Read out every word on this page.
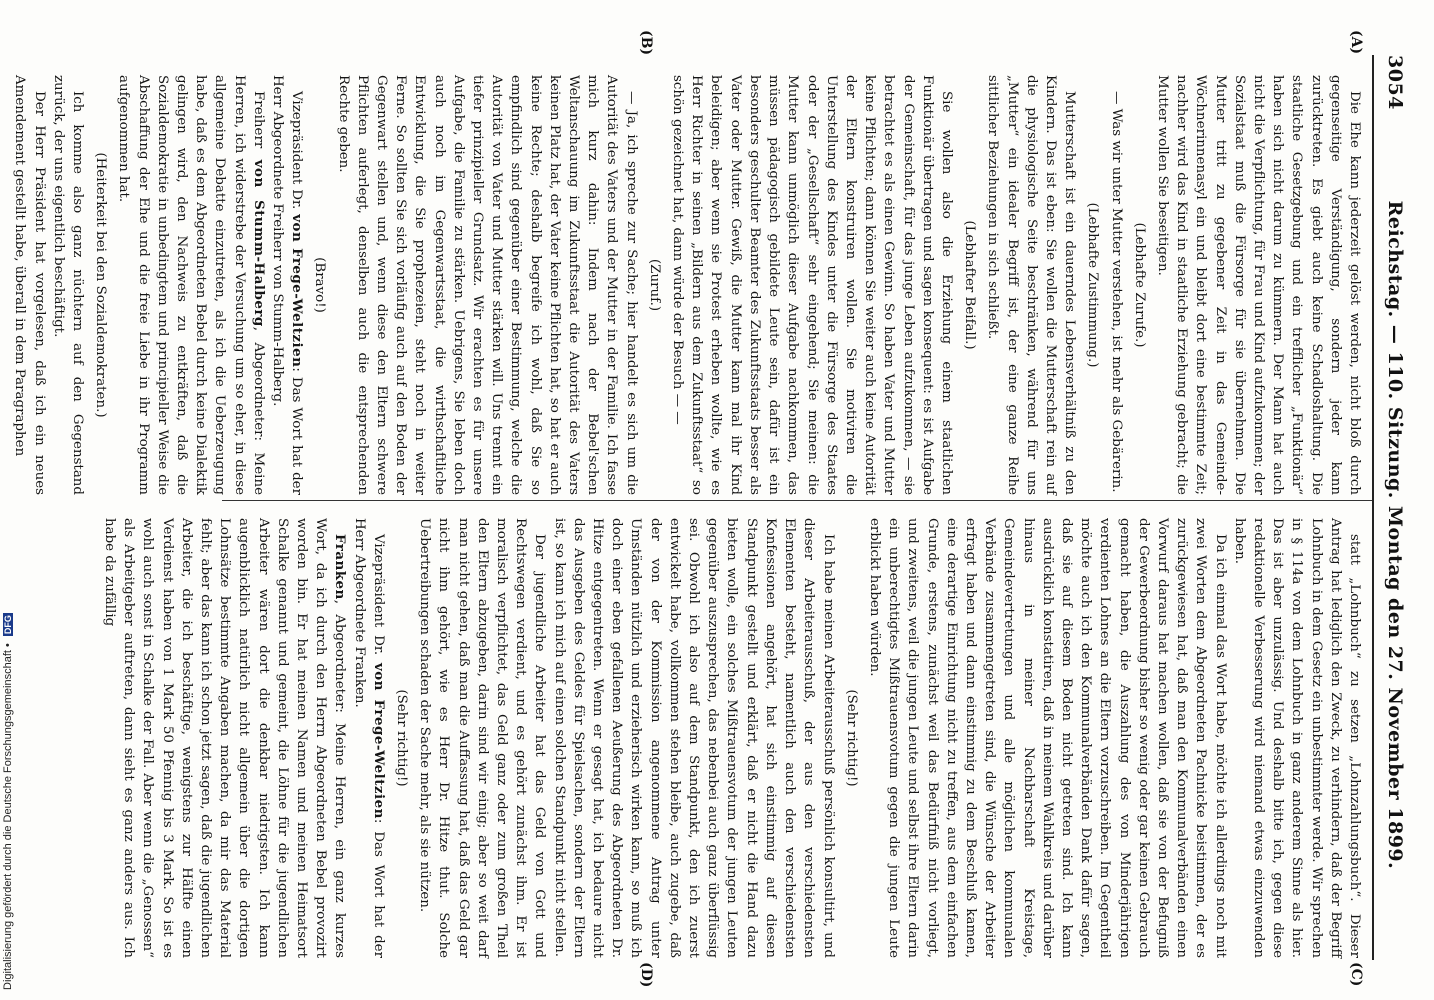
3054
Reichstag. — 110. Sitzung. Montag den 27. November 1899.
(A)
(B)
(C)
(D)

Die Ehe kann jederzeit gelöst werden, nicht bloß durch gegenseitige Verständigung, sondern jeder kann zurücktreten. Es giebt auch keine Schadloshaltung. Die staatliche Gesetzgebung und ein trefflicher „Funktionär“ haben sich nicht darum zu kümmern. Der Mann hat auch nicht die Verpflichtung, für Frau und Kind aufzukommen; der Sozialstaat muß die Fürsorge für sie übernehmen. Die Mutter tritt zu gegebener Zeit in das Gemeinde-Wöchnerinnenasyl ein und bleibt dort eine bestimmte Zeit; nachher wird das Kind in staatliche Erziehung gebracht; die Mutter wollen Sie beseitigen.

(Lebhafte Zurufe.)

— Was wir unter Mutter verstehen, ist mehr als Gebärerin.

(Lebhafte Zustimmung.)

Mutterschaft ist ein dauerndes Lebensverhältniß zu den Kindern. Das ist eben: Sie wollen die Mutterschaft rein auf die physiologische Seite beschränken, während für uns „Mutter“ ein idealer Begriff ist, der eine ganze Reihe sittlicher Beziehungen in sich schließt.

(Lebhafter Beifall.)

Sie wollen also die Erziehung einem staatlichen Funktionär übertragen und sagen konsequent: es ist Aufgabe der Gemeinschaft, für das junge Leben aufzukommen, — sie betrachtet es als einen Gewinn. So haben Vater und Mutter keine Pflichten; dann können Sie weiter auch keine Autorität der Eltern konstruiren wollen. Sie motiviren die Unterstellung des Kindes unter die Fürsorge des Staates oder der „Gesellschaft“ sehr eingehend; Sie meinen: die Mutter kann unmöglich dieser Aufgabe nachkommen, das müssen pädagogisch gebildete Leute sein, dafür ist ein besonders geschulter Beamter des Zukunftsstaats besser als Vater oder Mutter. Gewiß, die Mutter kann mal ihr Kind beleidigen; aber wenn sie Protest erheben wollte, wie es Herr Richter in seinen „Bildern aus dem Zukunftsstaat“ so schön gezeichnet hat, dann würde der Besuch — —

(Zuruf.)

— Ja, ich spreche zur Sache; hier handelt es sich um die Autorität des Vaters und der Mutter in der Familie. Ich fasse mich kurz dahin: Indem nach der Bebel'schen Weltanschauung im Zukunftsstaat die Autorität des Vaters keinen Platz hat, der Vater keine Pflichten hat, so hat er auch keine Rechte; deshalb begreife ich wohl, daß Sie so empfindlich sind gegenüber einer Bestimmung, welche die Autorität von Vater und Mutter stärken will. Uns trennt ein tiefer prinzipieller Grundsatz. Wir erachten es für unsere Aufgabe, die Familie zu stärken. Uebrigens, Sie leben doch auch noch im Gegenwartsstaat, die wirthschaftliche Entwicklung, die Sie prophezeien, steht noch in weiter Ferne. So sollten Sie sich vorläufig auch auf den Boden der Gegenwart stellen und, wenn diese den Eltern schwere Pflichten auferlegt, denselben auch die entsprechenden Rechte geben.

(Bravo!)

Vizepräsident Dr. von Frege-Weltzien: Das Wort hat der Herr Abgeordnete Freiherr von Stumm-Halberg.

Freiherr von Stumm-Halberg, Abgeordneter: Meine Herren, ich widerstrebe der Versuchung um so eher, in diese allgemeine Debatte einzutreten, als ich die Ueberzeugung habe, daß es dem Abgeordneten Bebel durch keine Dialektik gelingen wird, den Nachweis zu entkräften, daß die Sozialdemokratie in unbedingtem und principieller Weise die Abschaffung der Ehe und die freie Liebe in ihr Programm aufgenommen hat.

(Heiterkeit bei den Sozialdemokraten.)

Ich komme also ganz nüchtern auf den Gegenstand zurück, der uns eigentlich beschäftigt.

Der Herr Präsident hat vorgelesen, daß ich ein neues Amendement gestellt habe, überall in dem Paragraphen

statt „Lohnbuch“ zu setzen „Lohnzahlungsbuch“. Dieser Antrag hat lediglich den Zweck, zu verhindern, daß der Begriff Lohnbuch in dem Gesetz ein unbestimmter werde. Wir sprechen in § 114a von dem Lohnbuch in ganz anderem Sinne als hier. Das ist aber unzulässig. Und deshalb bitte ich, gegen diese redaktionelle Verbesserung wird niemand etwas einzuwenden haben.

Da ich einmal das Wort habe, möchte ich allerdings noch mit zwei Worten dem Abgeordneten Pachnicke beistimmen, der es zurückgewiesen hat, daß man den Kommunalverbänden einen Vorwurf daraus hat machen wollen, daß sie von der Befugniß der Gewerbeordnung bisher so wenig oder gar keinen Gebrauch gemacht haben, die Auszahlung des von Minderjährigen verdienten Lohnes an die Eltern vorzuschreiben. Im Gegentheil möchte auch ich den Kommunalverbänden Dank dafür sagen, daß sie auf diesem Boden nicht getreten sind. Ich kann ausdrücklich konstatiren, daß in meinem Wahlkreis und darüber hinaus in meiner Nachbarschaft Kreistage, Gemeindevertretungen und alle möglichen kommunalen Verbände zusammengetreten sind, die Wünsche der Arbeiter erfragt haben und dann einstimmig zu dem Beschluß kamen, eine derartige Einrichtung nicht zu treffen, aus dem einfachen Grunde, erstens, zunächst weil das Bedürfniß nicht vorliegt, und zweitens, weil die jungen Leute und selbst ihre Eltern darin ein unberechtigtes Mißtrauensvotum gegen die jungen Leute erblickt haben würden.

(Sehr richtig!)

Ich habe meinen Arbeiterausschuß persönlich konsultirt, und dieser Arbeiterausschuß, der aus den verschiedensten Elementen besteht, namentlich auch den verschiedensten Konfessionen angehört, hat sich einstimmig auf diesen Standpunkt gestellt und erklärt, daß er nicht die Hand dazu bieten wolle, ein solches Mißtrauensvotum der jungen Leuten gegenüber auszusprechen, das nebenbei auch ganz überflüssig sei. Obwohl ich also auf dem Standpunkt, den ich zuerst entwickelt habe, vollkommen stehen bleibe, auch zugebe, daß der von der Kommission angenommene Antrag unter Umständen nützlich und erzieherisch wirken kann, so muß ich doch einer eben gefallenen Aeußerung des Abgeordneten Dr. Hitze entgegentreten. Wenn er gesagt hat, ich bedaure nicht das Ausgeben des Geldes für Spielsachen, sondern der Eltern ist, so kann ich mich auf einen solchen Standpunkt nicht stellen.

Der jugendliche Arbeiter hat das Geld von Gott und Rechtswegen verdient, und es gehört zunächst ihm. Er ist moralisch verpflichtet, das Geld ganz oder zum großen Theil den Eltern abzugeben, darin sind wir einig; aber so weit darf man nicht gehen, daß man die Auffassung hat, daß das Geld gar nicht ihm gehört, wie es Herr Dr. Hitze thut. Solche Uebertreibungen schaden der Sache mehr, als sie nützen.

(Sehr richtig!)

Vizepräsident Dr. von Frege-Weltzien: Das Wort hat der Herr Abgeordnete Franken.

Franken, Abgeordneter: Meine Herren, ein ganz kurzes Wort, da ich durch den Herrn Abgeordneten Bebel provozirt worden bin. Er hat meinen Namen und meinen Heimatsort Schalke genannt und gemeint, die Löhne für die jugendlichen Arbeiter wären dort die denkbar niedrigsten. Ich kann augenblicklich natürlich nicht allgemein über die dortigen Lohnsätze bestimmte Angaben machen, da mir das Material fehlt; aber das kann ich schon jetzt sagen, daß die jugendlichen Arbeiter, die ich beschäftige, wenigstens zur Hälfte einen Verdienst haben von 1 Mark 50 Pfennig bis 3 Mark. So ist es wohl auch sonst in Schalke der Fall. Aber wenn die „Genossen“ als Arbeitgeber auftreten, dann sieht es ganz anders aus. Ich habe da zufällig

Digitalisierung gefördert durch die Deutsche Forschungsgemeinschaft • DFG
